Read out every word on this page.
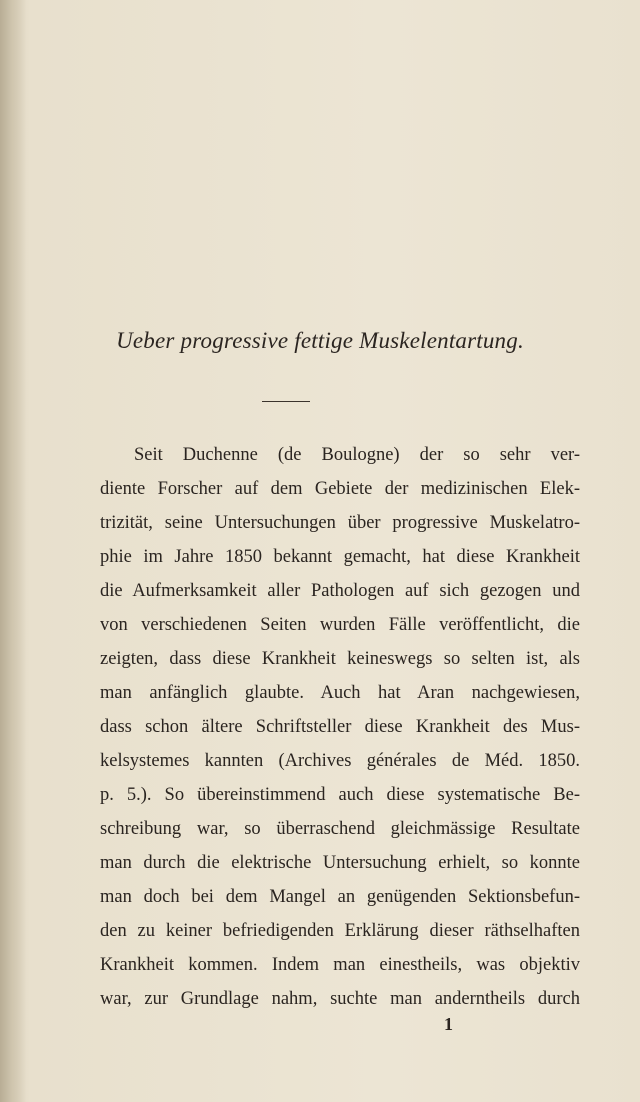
Ueber progressive fettige Muskelentartung.
Seit Duchenne (de Boulogne) der so sehr ver-
diente Forscher auf dem Gebiete der medizinischen Elek-
trizität, seine Untersuchungen über progressive Muskelatro-
phie im Jahre 1850 bekannt gemacht, hat diese Krankheit
die Aufmerksamkeit aller Pathologen auf sich gezogen und
von verschiedenen Seiten wurden Fälle veröffentlicht, die
zeigten, dass diese Krankheit keineswegs so selten ist, als
man anfänglich glaubte. Auch hat Aran nachgewiesen,
dass schon ältere Schriftsteller diese Krankheit des Mus-
kelsystemes kannten (Archives générales de Méd. 1850.
p. 5.). So übereinstimmend auch diese systematische Be-
schreibung war, so überraschend gleichmässige Resultate
man durch die elektrische Untersuchung erhielt, so konnte
man doch bei dem Mangel an genügenden Sektionsbefun-
den zu keiner befriedigenden Erklärung dieser räthselhaften
Krankheit kommen. Indem man einestheils, was objektiv
war, zur Grundlage nahm, suchte man anderntheils durch
1
